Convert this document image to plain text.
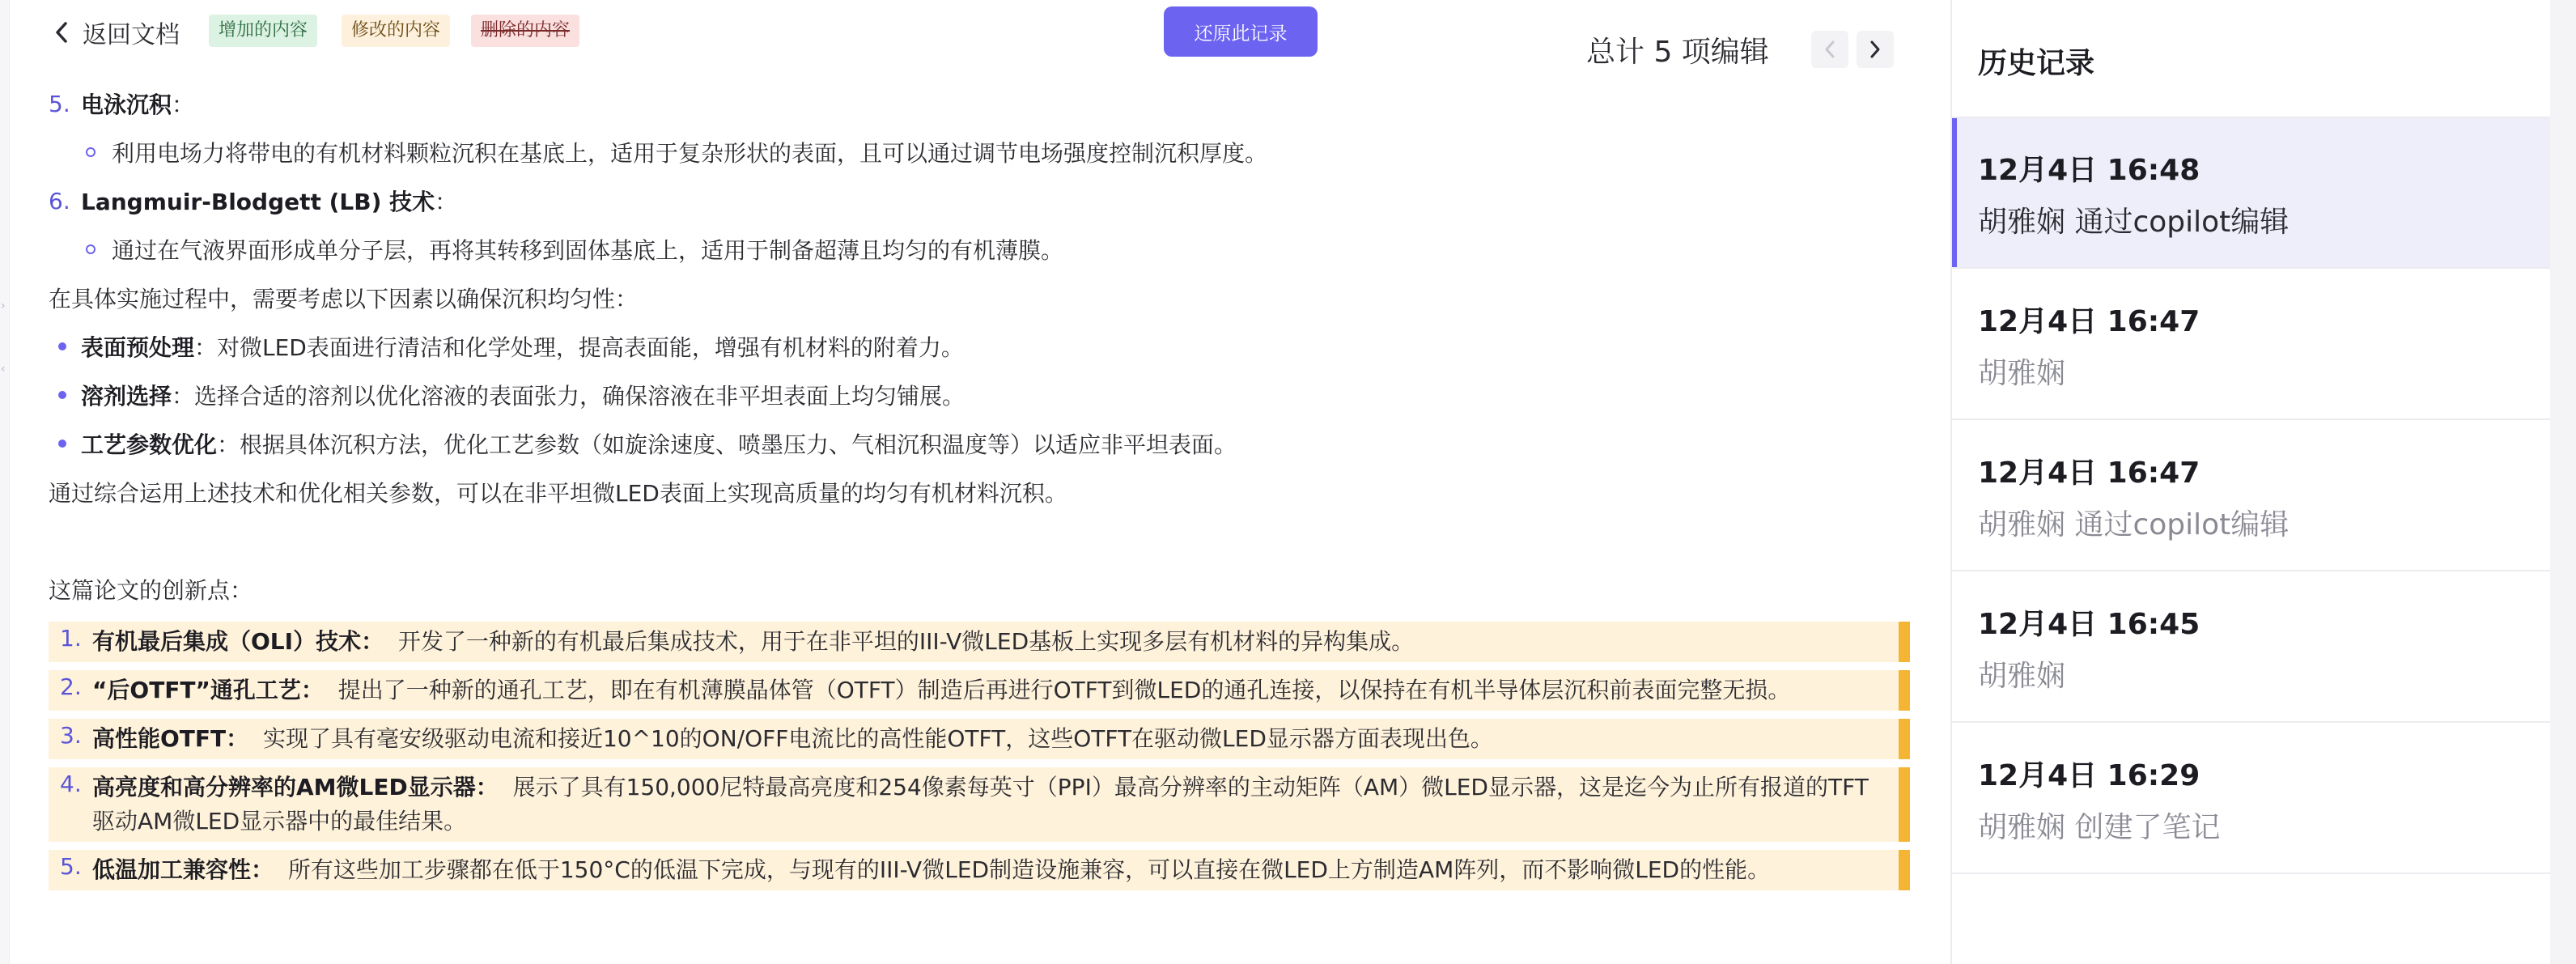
›
‹
返回文档	增加的内容	修改的内容	删除的内容	还原此记录
总计 5 项编辑
5. 电泳沉积 ：
利用电场力将带电的有机材料颗粒沉积在基底上，适用于复杂形状的表面，且可以通过调节电场强度控制沉积厚度。
6. Langmuir-Blodgett (LB) 技术 ：
通过在气液界面形成单分子层，再将其转移到固体基底上，适用于制备超薄且均匀的有机薄膜。
在具体实施过程中，需要考虑以下因素以确保沉积均匀性：
表面预处理 ：对微LED表面进行清洁和化学处理，提高表面能，增强有机材料的附着力。
溶剂选择 ：选择合适的溶剂以优化溶液的表面张力，确保溶液在非平坦表面上均匀铺展。
工艺参数优化 ：根据具体沉积方法，优化工艺参数（如旋涂速度、喷墨压力、气相沉积温度等）以适应非平坦表面。
通过综合运用上述技术和优化相关参数，可以在非平坦微LED表面上实现高质量的均匀有机材料沉积。
这篇论文的创新点：
1. 有机最后集成（OLI）技术： 开发了一种新的有机最后集成技术，用于在非平坦的III-V微LED基板上实现多层有机材料的异构集成。
2. “后OTFT”通孔工艺： 提出了一种新的通孔工艺，即在有机薄膜晶体管（OTFT）制造后再进行OTFT到微LED的通孔连接，以保持在有机半导体层沉积前表面完整无损。
3. 高性能OTFT： 实现了具有毫安级驱动电流和接近10^10的ON/OFF电流比的高性能OTFT，这些OTFT在驱动微LED显示器方面表现出色。
4. 高亮度和高分辨率的AM微LED显示器： 展示了具有150,000尼特最高亮度和254像素每英寸（PPI）最高分辨率的主动矩阵（AM）微LED显示器，这是迄今为止所有报道的TFT驱动AM微LED显示器中的最佳结果。
5. 低温加工兼容性： 所有这些加工步骤都在低于150°C的低温下完成，与现有的III-V微LED制造设施兼容，可以直接在微LED上方制造AM阵列，而不影响微LED的性能。
历史记录
12月4日 16:48
胡雅娴 通过copilot编辑
12月4日 16:47
胡雅娴
12月4日 16:47
胡雅娴 通过copilot编辑
12月4日 16:45
胡雅娴
12月4日 16:29
胡雅娴 创建了笔记
